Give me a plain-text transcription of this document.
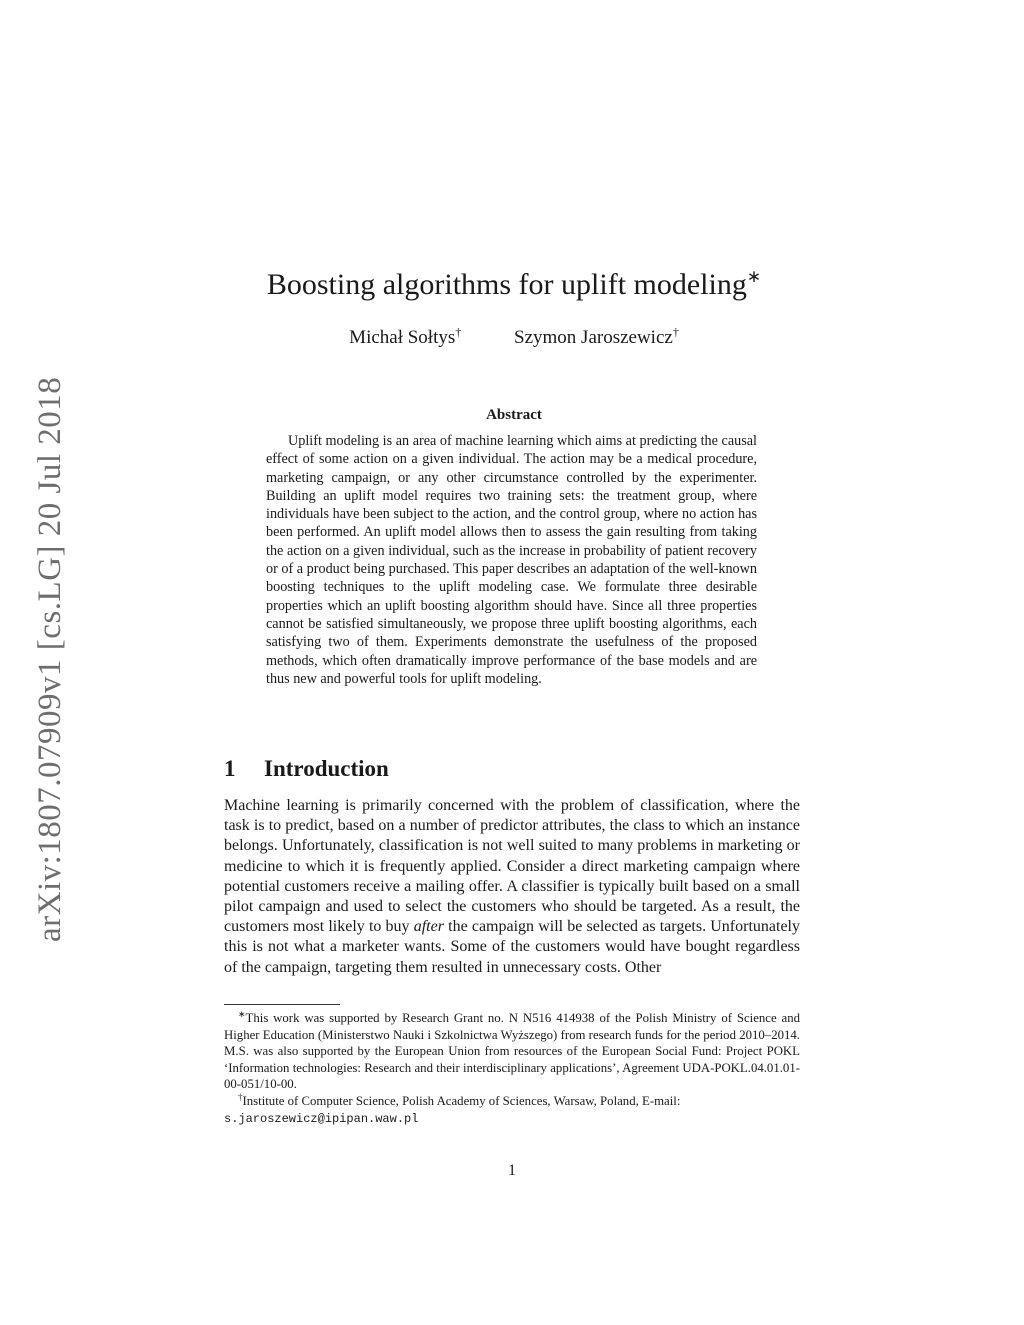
arXiv:1807.07909v1 [cs.LG] 20 Jul 2018
Boosting algorithms for uplift modeling∗
Michał Sołtys†	Szymon Jaroszewicz†
Abstract
Uplift modeling is an area of machine learning which aims at predicting the causal effect of some action on a given individual. The action may be a medical procedure, marketing campaign, or any other circumstance controlled by the experimenter. Building an uplift model requires two training sets: the treatment group, where individuals have been subject to the action, and the control group, where no action has been performed. An uplift model allows then to assess the gain resulting from taking the action on a given individual, such as the increase in probability of patient recovery or of a product being purchased. This paper describes an adaptation of the well-known boosting techniques to the uplift modeling case. We formulate three desirable properties which an uplift boosting algorithm should have. Since all three properties cannot be satisfied simultaneously, we propose three uplift boosting algorithms, each satisfying two of them. Experiments demonstrate the usefulness of the proposed methods, which often dramatically improve performance of the base models and are thus new and powerful tools for uplift modeling.
1 Introduction
Machine learning is primarily concerned with the problem of classification, where the task is to predict, based on a number of predictor attributes, the class to which an instance belongs. Unfortunately, classification is not well suited to many problems in marketing or medicine to which it is frequently applied. Consider a direct marketing campaign where potential customers receive a mailing offer. A classifier is typically built based on a small pilot campaign and used to select the customers who should be targeted. As a result, the customers most likely to buy after the campaign will be selected as targets. Unfortunately this is not what a marketer wants. Some of the customers would have bought regardless of the campaign, targeting them resulted in unnecessary costs. Other

∗This work was supported by Research Grant no. N N516 414938 of the Polish Ministry of Science and Higher Education (Ministerstwo Nauki i Szkolnictwa Wyższego) from research funds for the period 2010–2014. M.S. was also supported by the European Union from resources of the European Social Fund: Project POKL ‘Information technologies: Research and their interdisciplinary applications’, Agreement UDA-POKL.04.01.01-00-051/10-00.

†Institute of Computer Science, Polish Academy of Sciences, Warsaw, Poland, E-mail:
s.jaroszewicz@ipipan.waw.pl

1
